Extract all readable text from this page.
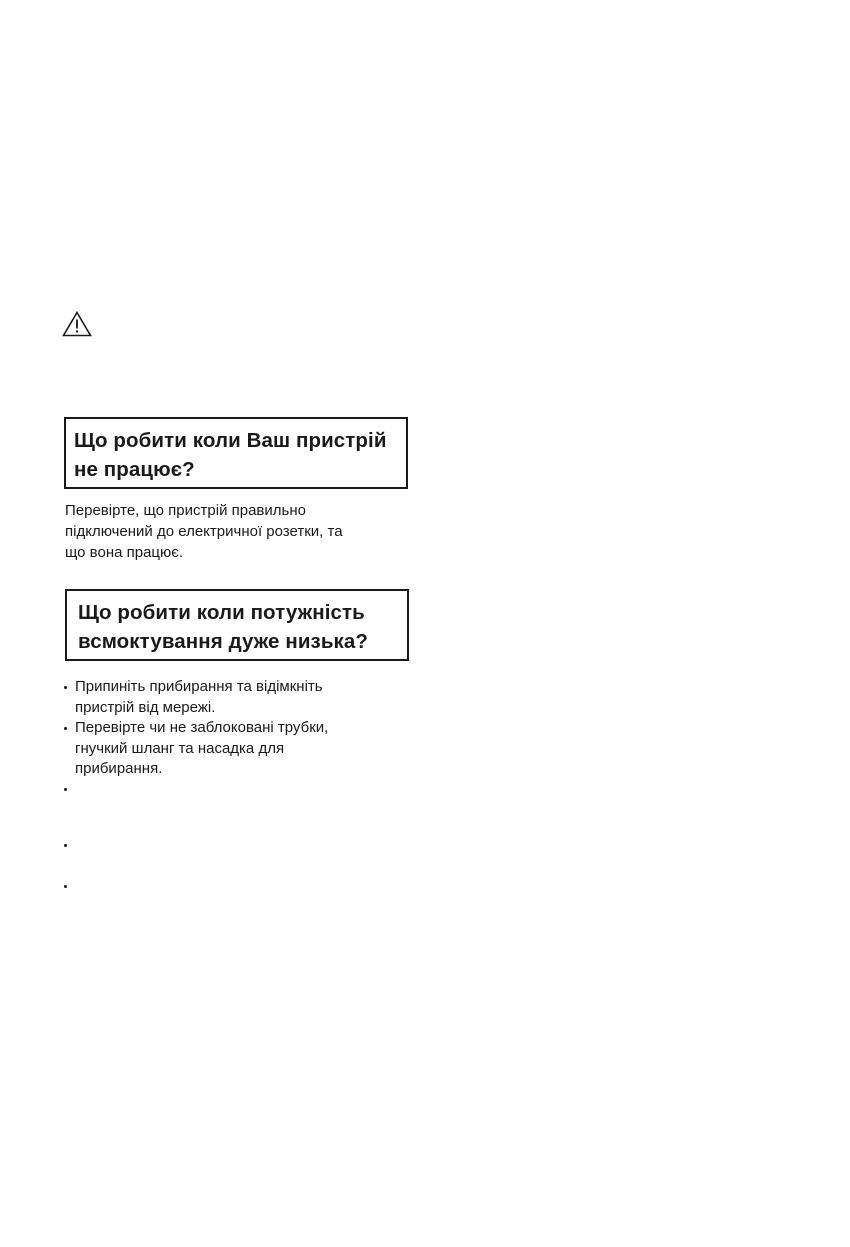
Що робити коли Ваш пристрій
не працює?
Перевірте, що пристрій правильно
підключений до електричної розетки, та
що вона працює.
Що робити коли потужність
всмоктування дуже низька?
Припиніть прибирання та відімкніть
пристрій від мережі.
Перевірте чи не заблоковані трубки,
гнучкий шланг та насадка для
прибирання.
